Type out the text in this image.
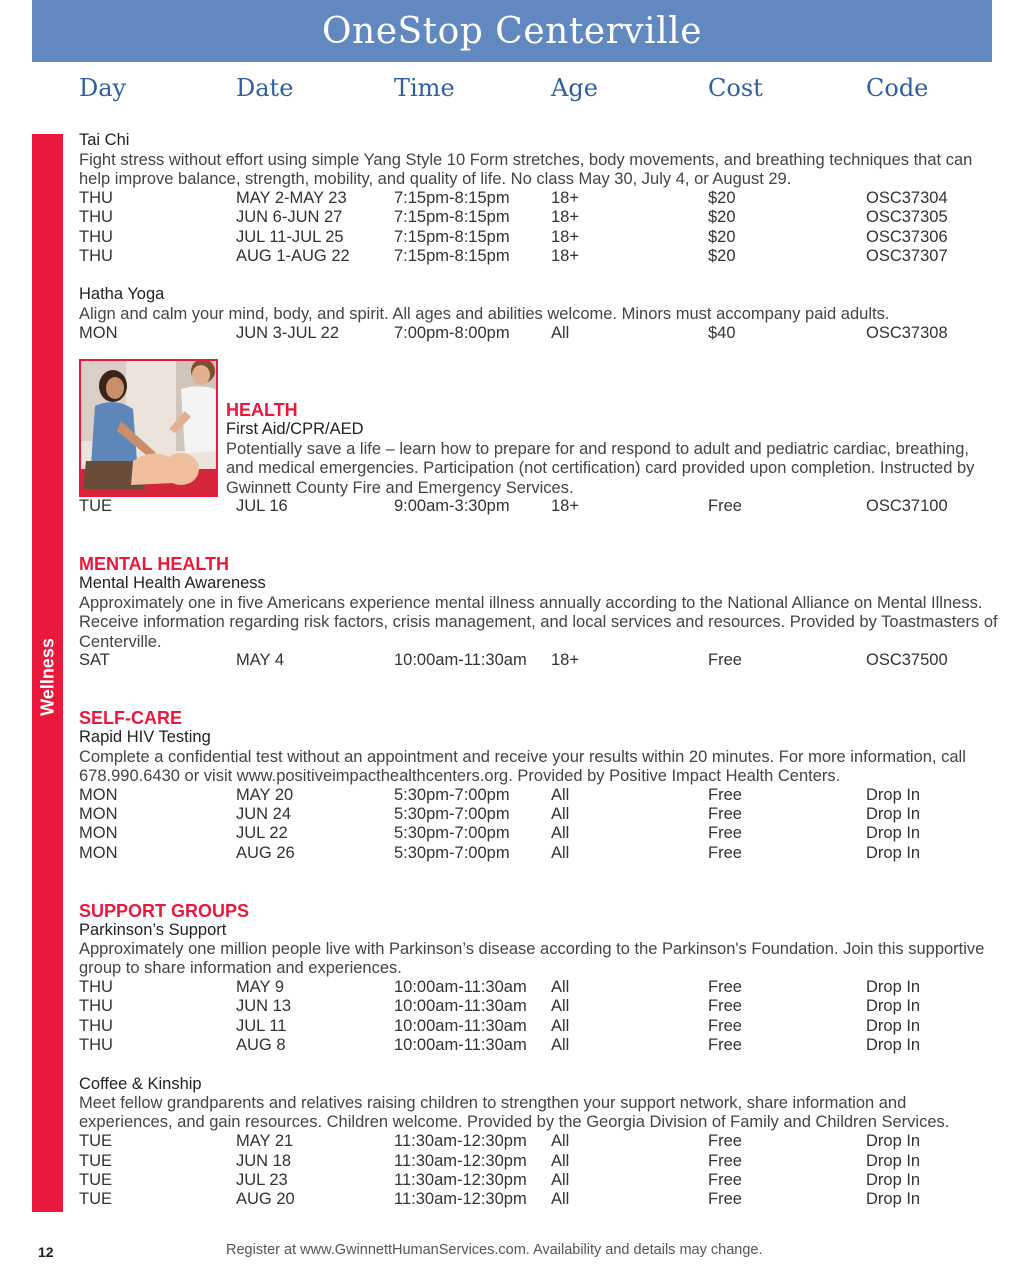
OneStop Centerville
Day	Date	Time	Age	Cost	Code
Wellness
Tai Chi
Fight stress without effort using simple Yang Style 10 Form stretches, body movements, and breathing techniques that can help improve balance, strength, mobility, and quality of life. No class May 30, July 4, or August 29.
THU	MAY 2-MAY 23	7:15pm-8:15pm	18+	$20	OSC37304
THU	JUN 6-JUN 27	7:15pm-8:15pm	18+	$20	OSC37305
THU	JUL 11-JUL 25	7:15pm-8:15pm	18+	$20	OSC37306
THU	AUG 1-AUG 22	7:15pm-8:15pm	18+	$20	OSC37307
Hatha Yoga
Align and calm your mind, body, and spirit. All ages and abilities welcome. Minors must accompany paid adults.
MON	JUN 3-JUL 22	7:00pm-8:00pm	All	$40	OSC37308
HEALTH
First Aid/CPR/AED
Potentially save a life – learn how to prepare for and respond to adult and pediatric cardiac, breathing, and medical emergencies. Participation (not certification) card provided upon completion. Instructed by Gwinnett County Fire and Emergency Services.
TUE	JUL 16	9:00am-3:30pm	18+	Free	OSC37100
MENTAL HEALTH
Mental Health Awareness
Approximately one in five Americans experience mental illness annually according to the National Alliance on Mental Illness. Receive information regarding risk factors, crisis management, and local services and resources. Provided by Toastmasters of Centerville.
SAT	MAY 4	10:00am-11:30am 18+	Free	OSC37500
SELF-CARE
Rapid HIV Testing
Complete a confidential test without an appointment and receive your results within 20 minutes. For more information, call 678.990.6430 or visit www.positiveimpacthealthcenters.org. Provided by Positive Impact Health Centers.
MON	MAY 20	5:30pm-7:00pm	All	Free	Drop In
MON	JUN 24	5:30pm-7:00pm	All	Free	Drop In
MON	JUL 22	5:30pm-7:00pm	All	Free	Drop In
MON	AUG 26	5:30pm-7:00pm	All	Free	Drop In
SUPPORT GROUPS
Parkinson’s Support
Approximately one million people live with Parkinson’s disease according to the Parkinson's Foundation. Join this supportive group to share information and experiences.
THU	MAY 9	10:00am-11:30am All	Free	Drop In
THU	JUN 13	10:00am-11:30am All	Free	Drop In
THU	JUL 11	10:00am-11:30am All	Free	Drop In
THU	AUG 8	10:00am-11:30am All	Free	Drop In
Coffee & Kinship
Meet fellow grandparents and relatives raising children to strengthen your support network, share information and experiences, and gain resources. Children welcome. Provided by the Georgia Division of Family and Children Services.
TUE	MAY 21	11:30am-12:30pm All	Free	Drop In
TUE	JUN 18	11:30am-12:30pm All	Free	Drop In
TUE	JUL 23	11:30am-12:30pm All	Free	Drop In
TUE	AUG 20	11:30am-12:30pm All	Free	Drop In
12	Register at www.GwinnettHumanServices.com. Availability and details may change.
